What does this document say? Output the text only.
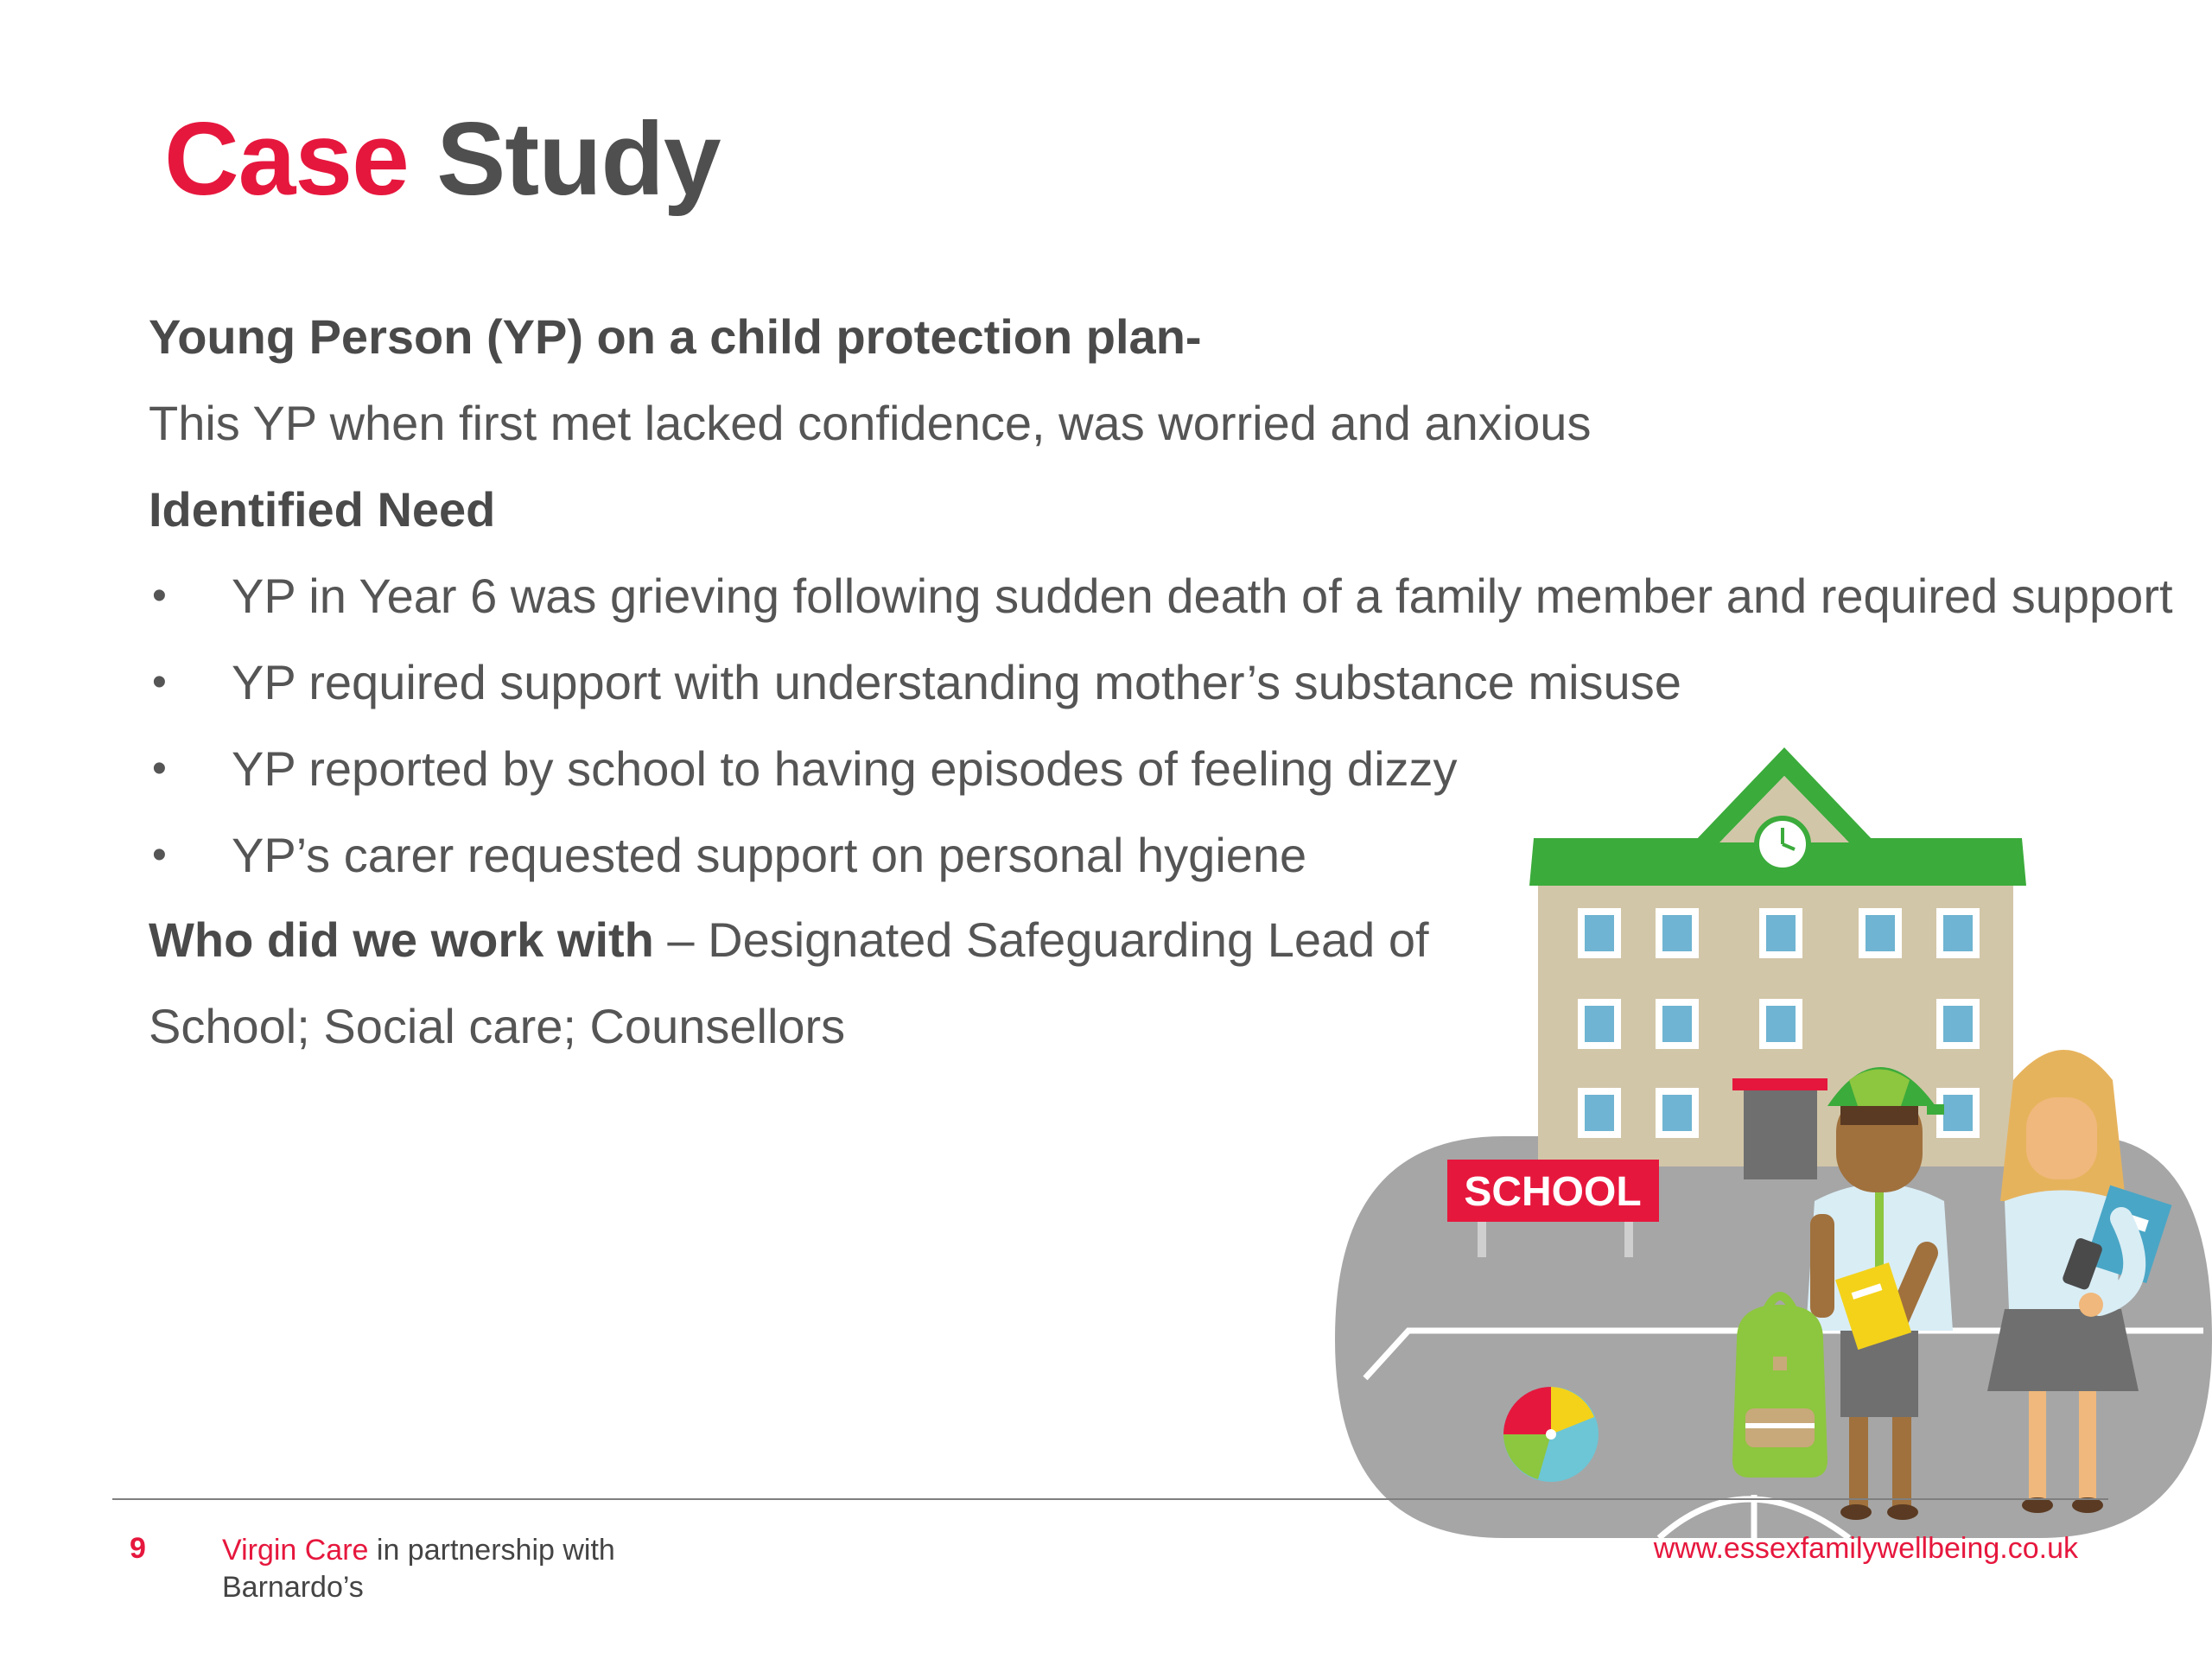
Case Study

Young Person (YP) on a child protection plan-

This YP when first met lacked confidence, was worried and anxious

Identified Need

• YP in Year 6 was grieving following sudden death of a family member and required support
• YP required support with understanding mother’s substance misuse
• YP reported by school to having episodes of feeling dizzy
• YP’s carer requested support on personal hygiene

Who did we work with – Designated Safeguarding Lead of

School; Social care; Counsellors

SCHOOL
9	Virgin Care in partnership with
Barnardo’s
www.essexfamilywellbeing.co.uk
